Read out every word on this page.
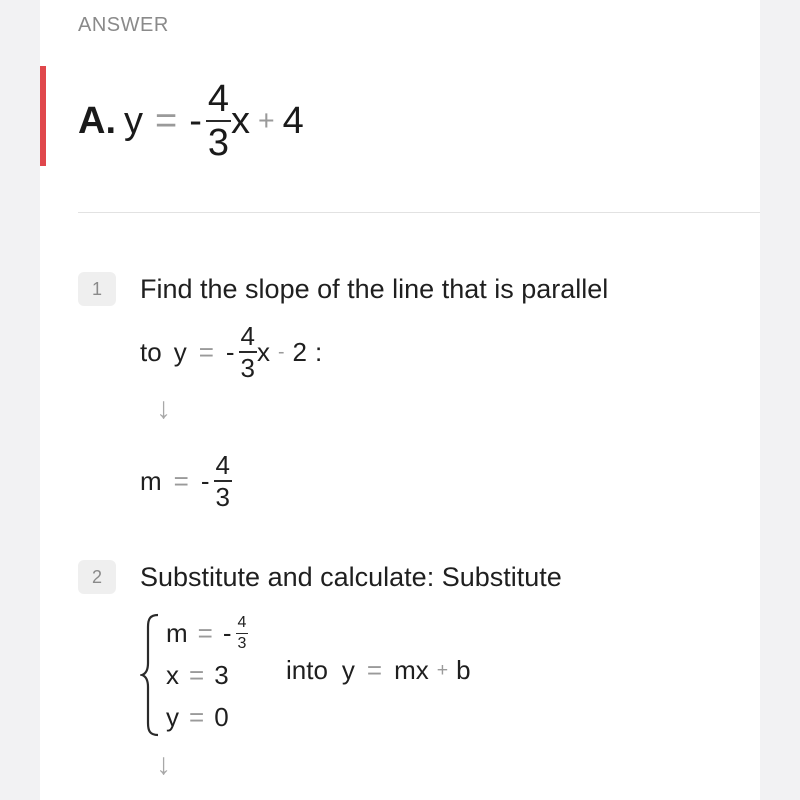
ANSWER
A. y = - $\frac{4}{3}$ x + 4
1	Find the slope of the line that is parallel
to y = - $\frac{4}{3}$ x - 2 :
↓
m = - $\frac{4}{3}$
2	Substitute and calculate: Substitute
m = - $\frac{4}{3}$
x = 3
y = 0
into y = mx + b
↓
